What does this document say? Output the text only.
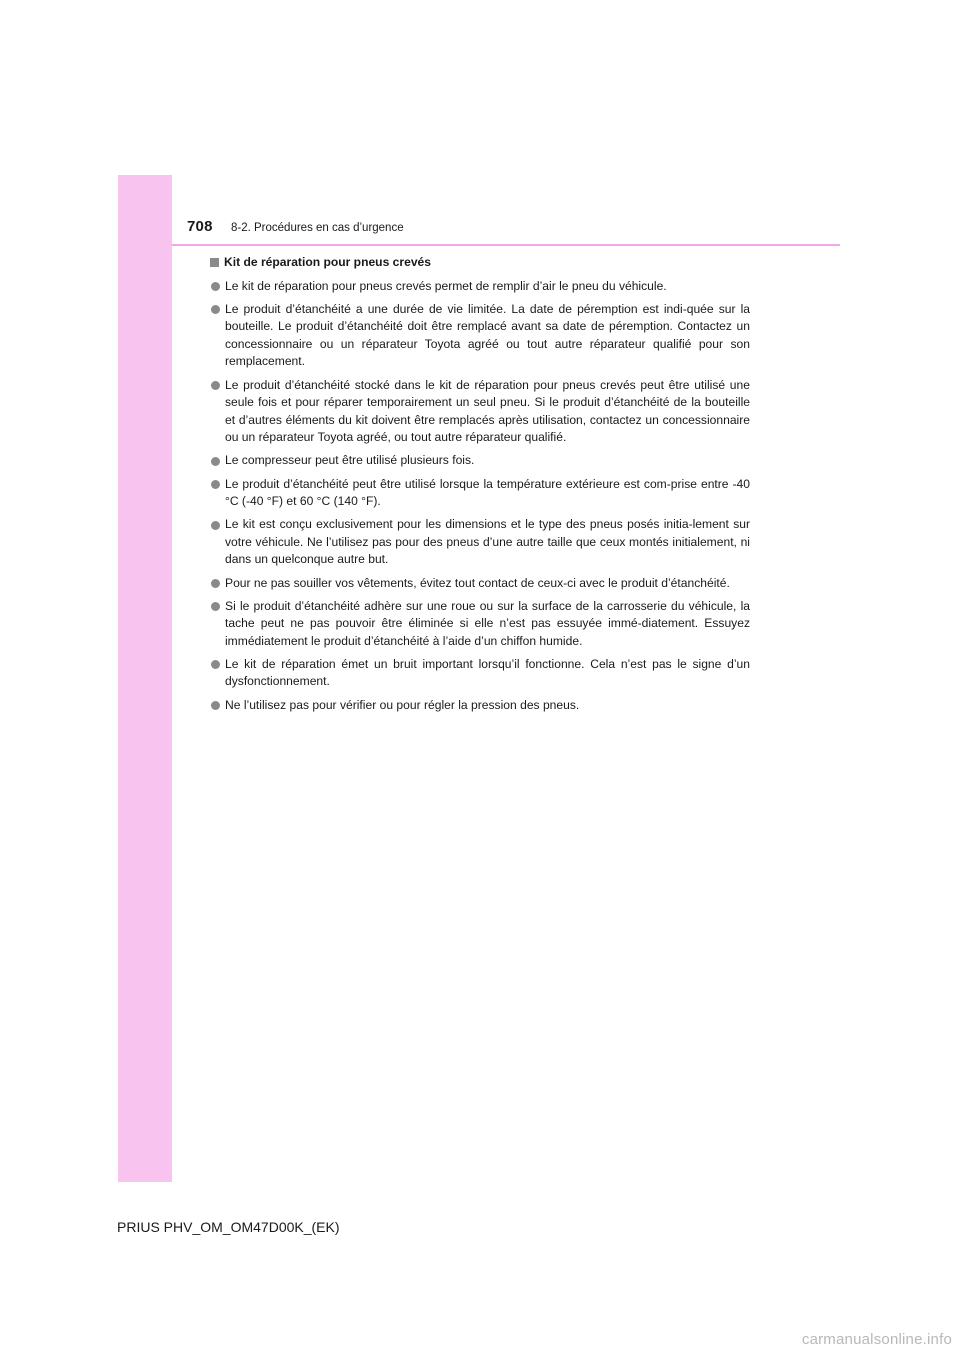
708 8-2. Procédures en cas d’urgence
Kit de réparation pour pneus crevés
Le kit de réparation pour pneus crevés permet de remplir d’air le pneu du véhicule.
Le produit d’étanchéité a une durée de vie limitée. La date de péremption est indi-quée sur la bouteille. Le produit d’étanchéité doit être remplacé avant sa date de péremption. Contactez un concessionnaire ou un réparateur Toyota agréé ou tout autre réparateur qualifié pour son remplacement.
Le produit d’étanchéité stocké dans le kit de réparation pour pneus crevés peut être utilisé une seule fois et pour réparer temporairement un seul pneu. Si le produit d’étanchéité de la bouteille et d’autres éléments du kit doivent être remplacés après utilisation, contactez un concessionnaire ou un réparateur Toyota agréé, ou tout autre réparateur qualifié.
Le compresseur peut être utilisé plusieurs fois.
Le produit d’étanchéité peut être utilisé lorsque la température extérieure est com-prise entre -40 °C (-40 °F) et 60 °C (140 °F).
Le kit est conçu exclusivement pour les dimensions et le type des pneus posés initia-lement sur votre véhicule. Ne l’utilisez pas pour des pneus d’une autre taille que ceux montés initialement, ni dans un quelconque autre but.
Pour ne pas souiller vos vêtements, évitez tout contact de ceux-ci avec le produit d’étanchéité.
Si le produit d’étanchéité adhère sur une roue ou sur la surface de la carrosserie du véhicule, la tache peut ne pas pouvoir être éliminée si elle n’est pas essuyée immé-diatement. Essuyez immédiatement le produit d’étanchéité à l’aide d’un chiffon humide.
Le kit de réparation émet un bruit important lorsqu’il fonctionne. Cela n’est pas le signe d’un dysfonctionnement.
Ne l’utilisez pas pour vérifier ou pour régler la pression des pneus.
PRIUS PHV_OM_OM47D00K_(EK)
carmanualsonline.info
